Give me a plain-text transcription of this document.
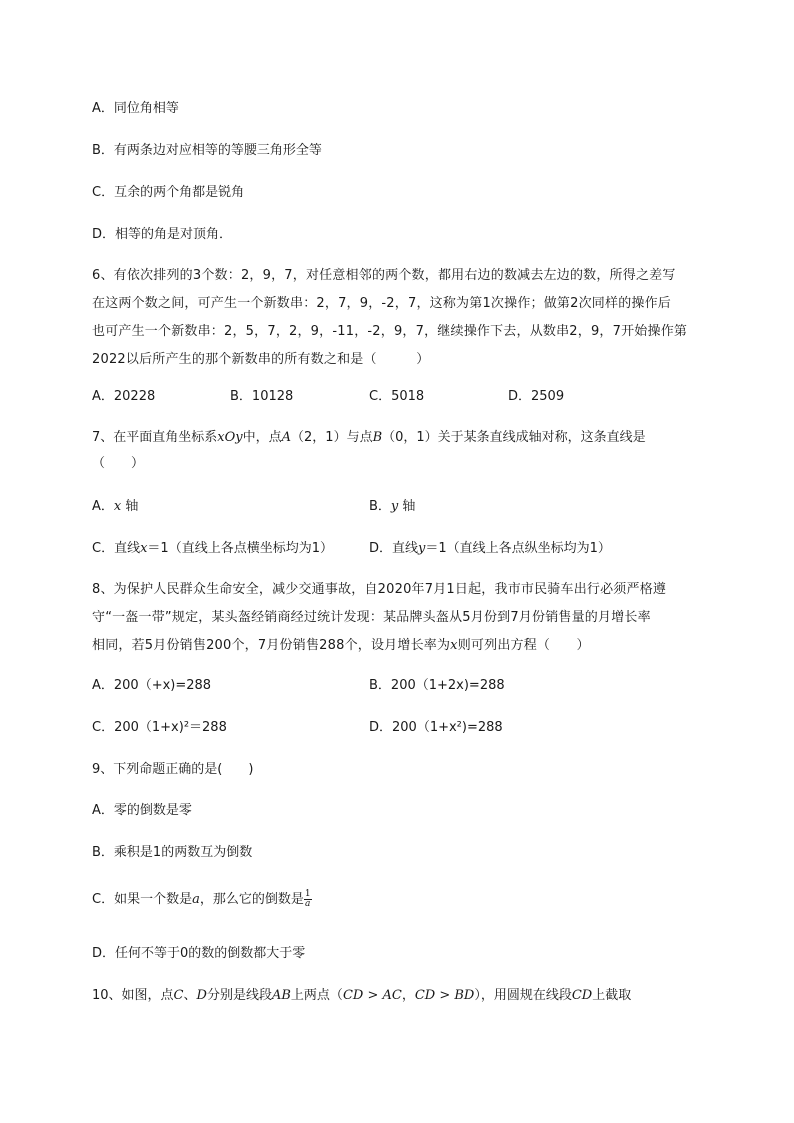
A．同位角相等
B．有两条边对应相等的等腰三角形全等
C．互余的两个角都是锐角
D．相等的角是对顶角．
6、有依次排列的3个数：2，9，7，对任意相邻的两个数，都用右边的数减去左边的数，所得之差写
在这两个数之间，可产生一个新数串：2，7，9，-2，7，这称为第1次操作；做第2次同样的操作后
也可产生一个新数串：2，5，7，2，9，-11，-2，9，7，继续操作下去，从数串2，9，7开始操作第
2022以后所产生的那个新数串的所有数之和是（　　　）
A．20228	B．10128	C．5018	D．2509
7、在平面直角坐标系xOy中，点A（2，1）与点B（0，1）关于某条直线成轴对称，这条直线是
（　　）
A．x 轴	B．y 轴
C．直线x＝1（直线上各点横坐标均为1）	D．直线y＝1（直线上各点纵坐标均为1）
8、为保护人民群众生命安全，减少交通事故，自2020年7月1日起，我市市民骑车出行必须严格遵
守“一盔一带”规定，某头盔经销商经过统计发现：某品牌头盔从5月份到7月份销售量的月增长率
相同，若5月份销售200个，7月份销售288个，设月增长率为x则可列出方程（　　）
A．200（+x)=288	B．200（1+2x)=288
C．200（1+x)²＝288	D．200（1+x²)=288
9、下列命题正确的是(　　)
A．零的倒数是零
B．乘积是1的两数互为倒数
C．如果一个数是a，那么它的倒数是 $\frac{1}{a}$
D．任何不等于0的数的倒数都大于零
10、如图，点C、D分别是线段AB上两点（CD > AC，CD > BD），用圆规在线段CD上截取
